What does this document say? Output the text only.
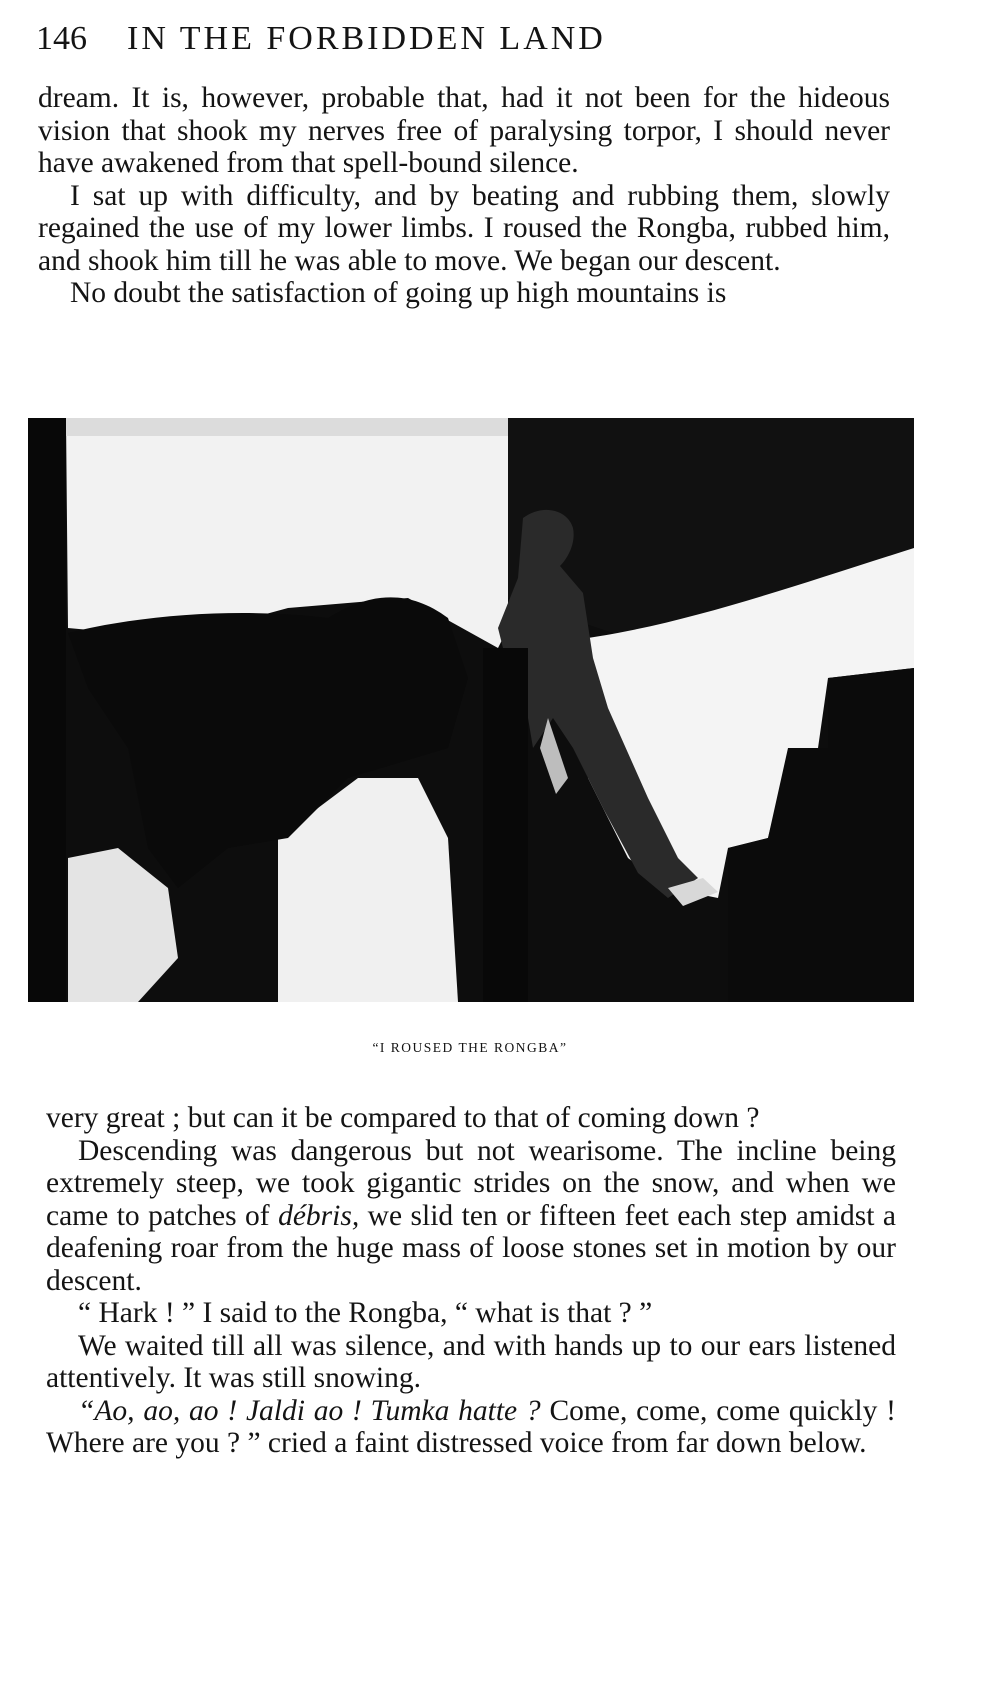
146 IN THE FORBIDDEN LAND

dream. It is, however, probable that, had it not been for the hideous vision that shook my nerves free of paralysing torpor, I should never have awakened from that spell-bound silence.

I sat up with difficulty, and by beating and rubbing them, slowly regained the use of my lower limbs. I roused the Rongba, rubbed him, and shook him till he was able to move. We began our descent.

No doubt the satisfaction of going up high mountains is

“I ROUSED THE RONGBA”

very great ; but can it be compared to that of coming down ?

Descending was dangerous but not wearisome. The incline being extremely steep, we took gigantic strides on the snow, and when we came to patches of débris, we slid ten or fifteen feet each step amidst a deafening roar from the huge mass of loose stones set in motion by our descent.

“ Hark ! ” I said to the Rongba, “ what is that ? ”

We waited till all was silence, and with hands up to our ears listened attentively. It was still snowing.

“Ao, ao, ao ! Jaldi ao ! Tumka hatte ? Come, come, come quickly ! Where are you ? ” cried a faint distressed voice from far down below.
